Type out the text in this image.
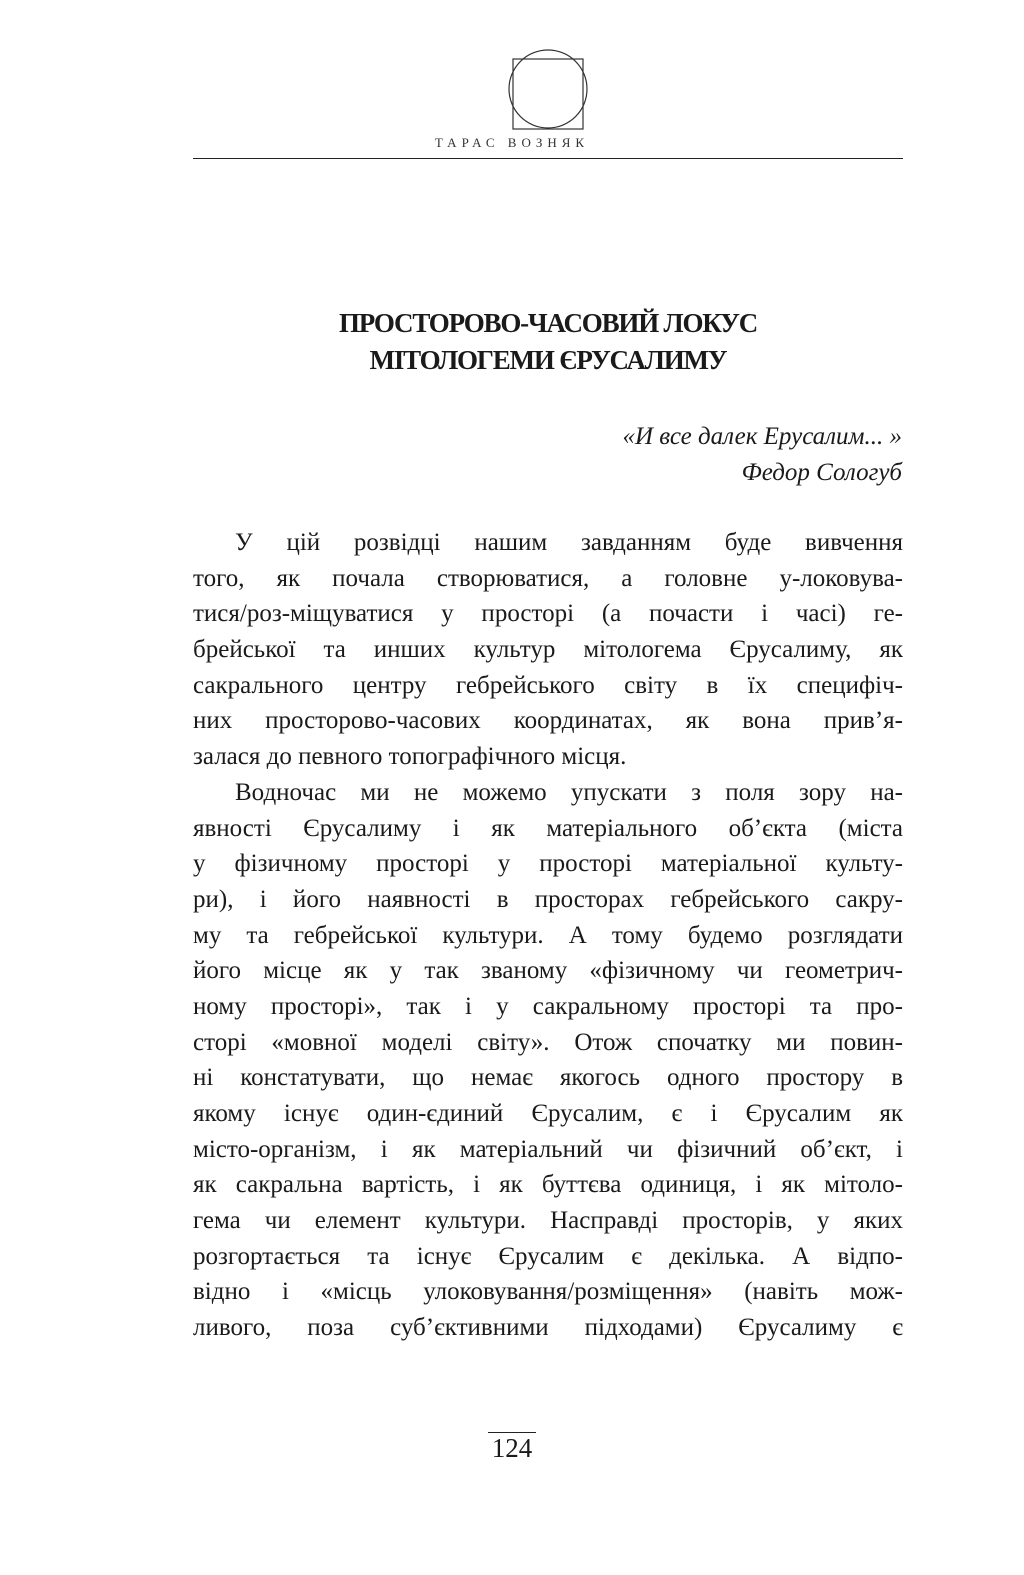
ТАРАС ВОЗНЯК
ПРОСТОРОВО-ЧАСОВИЙ ЛОКУС
МІТОЛОГЕМИ ЄРУСАЛИМУ
«И все далек Ерусалим... »
Федор Сологуб
У цій розвідці нашим завданням буде вивчення
того, як почала створюватися, а головне у-локовува-
тися/роз-міщуватися у просторі (а почасти і часі) ге-
брейської та инших культур мітологема Єрусалиму, як
сакрального центру гебрейського світу в їх специфіч-
них просторово-часових координатах, як вона прив’я-
залася до певного топографічного місця.
Водночас ми не можемо упускати з поля зору на-
явності Єрусалиму і як матеріального об’єкта (міста
у фізичному просторі у просторі матеріальної культу-
ри), і його наявності в просторах гебрейського сакру-
му та гебрейської культури. А тому будемо розглядати
його місце як у так званому «фізичному чи геометрич-
ному просторі», так і у сакральному просторі та про-
сторі «мовної моделі світу». Отож спочатку ми повин-
ні констатувати, що немає якогось одного простору в
якому існує один-єдиний Єрусалим, є і Єрусалим як
місто-організм, і як матеріальний чи фізичний об’єкт, і
як сакральна вартість, і як буттєва одиниця, і як мітоло-
гема чи елемент культури. Насправді просторів, у яких
розгортається та існує Єрусалим є декілька. А відпо-
відно і «місць улоковування/розміщення» (навіть мож-
ливого, поза суб’єктивними підходами) Єрусалиму є
124
